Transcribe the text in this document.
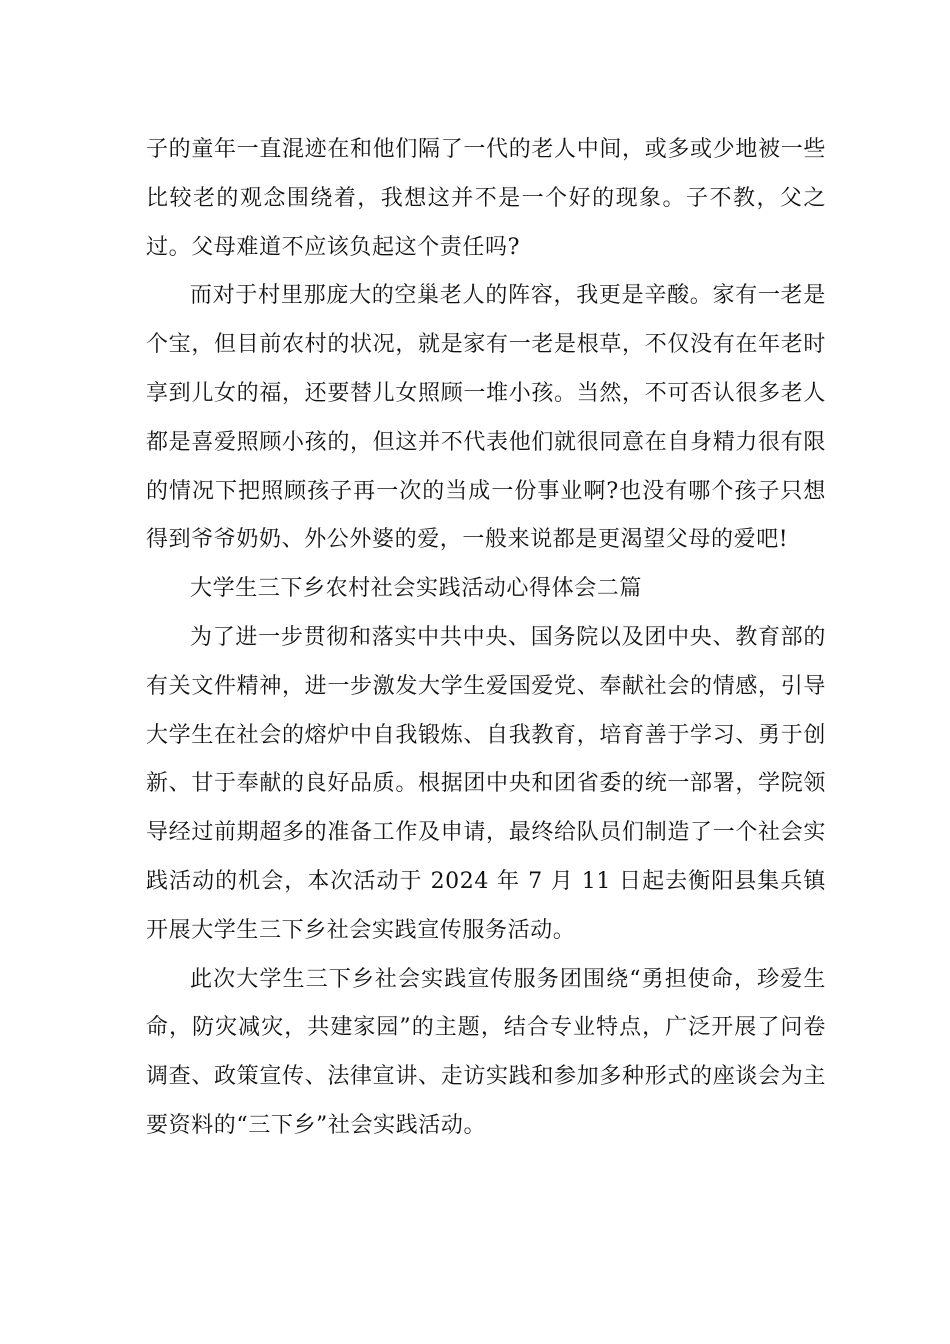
子的童年一直混迹在和他们隔了一代的老人中间，或多或少地被一些比较老的观念围绕着，我想这并不是一个好的现象。子不教，父之过。父母难道不应该负起这个责任吗?

而对于村里那庞大的空巢老人的阵容，我更是辛酸。家有一老是个宝，但目前农村的状况，就是家有一老是根草，不仅没有在年老时享到儿女的福，还要替儿女照顾一堆小孩。当然，不可否认很多老人都是喜爱照顾小孩的，但这并不代表他们就很同意在自身精力很有限的情况下把照顾孩子再一次的当成一份事业啊?也没有哪个孩子只想得到爷爷奶奶、外公外婆的爱，一般来说都是更渴望父母的爱吧!

大学生三下乡农村社会实践活动心得体会二篇

为了进一步贯彻和落实中共中央、国务院以及团中央、教育部的有关文件精神，进一步激发大学生爱国爱党、奉献社会的情感，引导大学生在社会的熔炉中自我锻炼、自我教育，培育善于学习、勇于创新、甘于奉献的良好品质。根据团中央和团省委的统一部署，学院领导经过前期超多的准备工作及申请，最终给队员们制造了一个社会实践活动的机会，本次活动于 2024 年 7 月 11 日起去衡阳县集兵镇开展大学生三下乡社会实践宣传服务活动。

此次大学生三下乡社会实践宣传服务团围绕“勇担使命，珍爱生命，防灾减灾，共建家园”的主题，结合专业特点，广泛开展了问卷调查、政策宣传、法律宣讲、走访实践和参加多种形式的座谈会为主要资料的“三下乡”社会实践活动。
